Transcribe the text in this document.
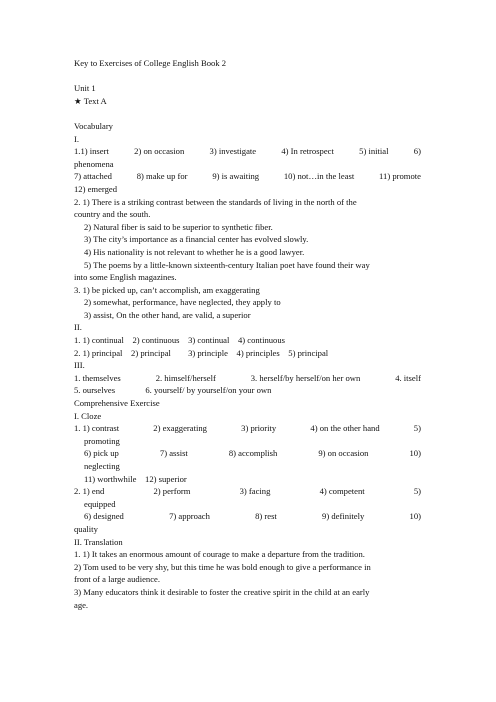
Key to Exercises of College English Book 2
Unit 1
★ Text A
Vocabulary
I.
1.1) insert	2) on occasion	3) investigate	4) In retrospect	5) initial	6)
phenomena
7) attached	8) make up for	9) is awaiting	10) not…in the least	11) promote
12) emerged
2. 1) There is a striking contrast between the standards of living in the north of the
country and the south.
2) Natural fiber is said to be superior to synthetic fiber.
3) The city’s importance as a financial center has evolved slowly.
4) His nationality is not relevant to whether he is a good lawyer.
5) The poems by a little-known sixteenth-century Italian poet have found their way
into some English magazines.
3. 1) be picked up, can’t accomplish, am exaggerating
2) somewhat, performance, have neglected, they apply to
3) assist, On the other hand, are valid, a superior
II.
1. 1) continual    2) continuous    3) continual    4) continuous
2. 1) principal    2) principal        3) principle    4) principles    5) principal
III.
1. themselves	2. himself/herself	3. herself/by herself/on her own	4. itself
5. ourselves	6. yourself/ by yourself/on your own
Comprehensive Exercise
I. Cloze
1. 1) contrast	2) exaggerating	3) priority	4) on the other hand	5)
promoting
6) pick up	7) assist	8) accomplish	9) on occasion	10)
neglecting
11) worthwhile    12) superior
2. 1) end	2) perform	3) facing	4) competent	5)
equipped
6) designed	7) approach	8) rest	9) definitely	10)
quality
II. Translation
1. 1) It takes an enormous amount of courage to make a departure from the tradition.
2) Tom used to be very shy, but this time he was bold enough to give a performance in
front of a large audience.
3) Many educators think it desirable to foster the creative spirit in the child at an early
age.
